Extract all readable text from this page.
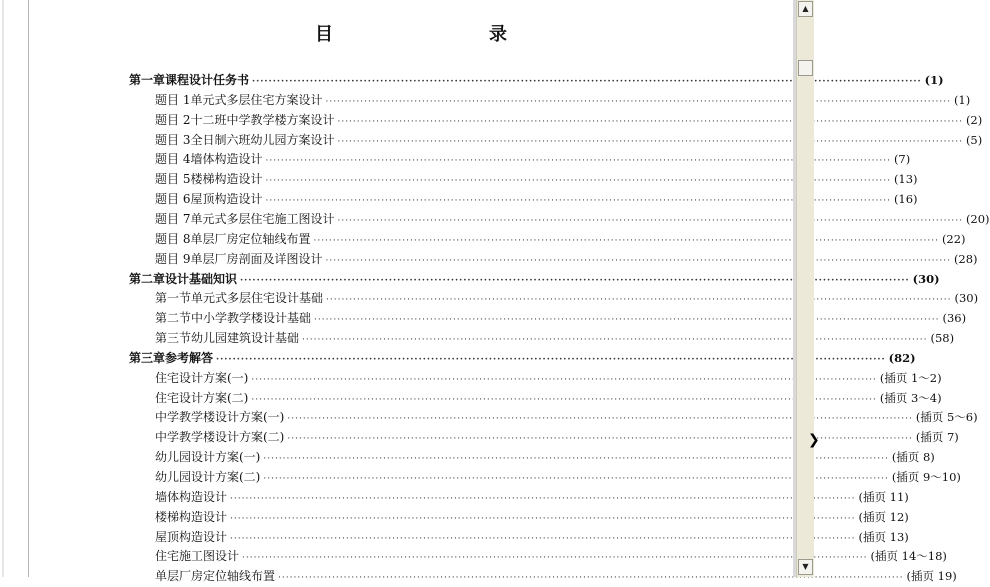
目　　录
第一章 课程设计任务书 ·····	(1)
题目 1 单元式多层住宅方案设计 ·····	(1)
题目 2 十二班中学教学楼方案设计 ·····	(2)
题目 3 全日制六班幼儿园方案设计 ·····	(5)
题目 4 墙体构造设计 ·····	(7)
题目 5 楼梯构造设计 ·····	(13)
题目 6 屋顶构造设计 ·····	(16)
题目 7 单元式多层住宅施工图设计 ·····	(20)
题目 8 单层厂房定位轴线布置 ·····	(22)
题目 9 单层厂房剖面及详图设计 ·····	(28)
第二章 设计基础知识 ·····	(30)
第一节 单元式多层住宅设计基础 ·····	(30)
第二节 中小学教学楼设计基础 ·····	(36)
第三节 幼儿园建筑设计基础 ·····	(58)
第三章 参考解答 ·····	(82)
住宅设计方案(一) ·····	(插页 1～2)
住宅设计方案(二) ·····	(插页 3～4)
中学教学楼设计方案(一) ·····	(插页 5～6)
中学教学楼设计方案(二) ·····	(插页 7)
幼儿园设计方案(一) ·····	(插页 8)
幼儿园设计方案(二) ·····	(插页 9～10)
墙体构造设计 ·····	(插页 11)
楼梯构造设计 ·····	(插页 12)
屋顶构造设计 ·····	(插页 13)
住宅施工图设计 ·····	(插页 14～18)
单层厂房定位轴线布置 ·····	(插页 19)
▲
▼
❯
